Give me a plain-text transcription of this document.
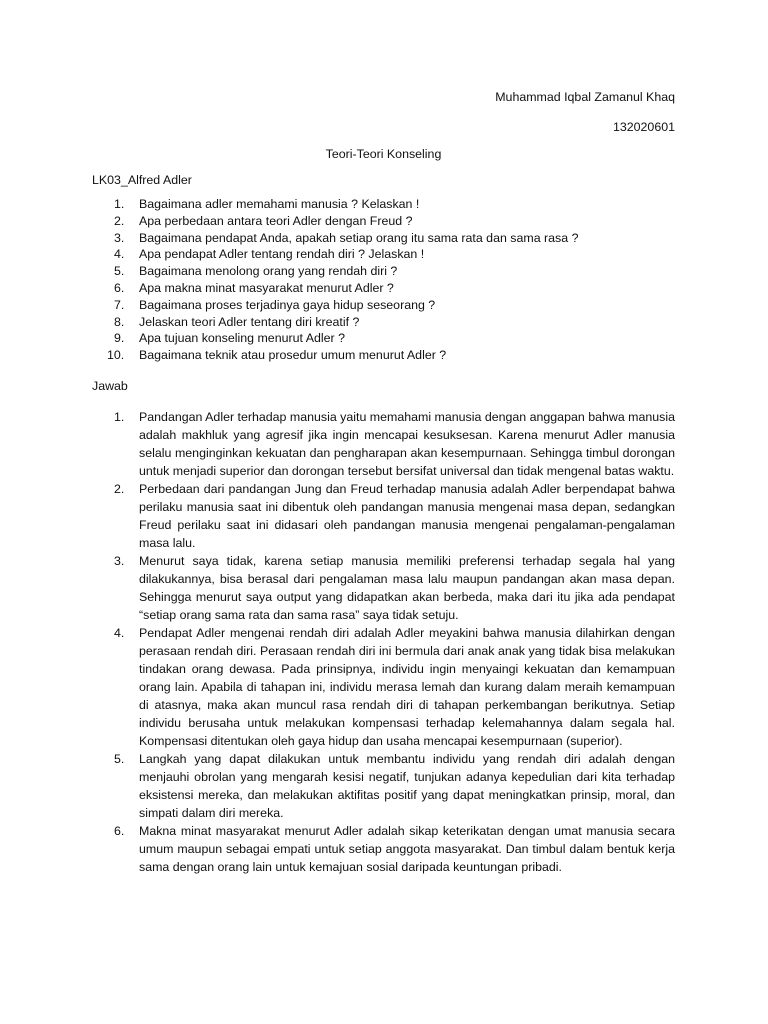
Muhammad Iqbal Zamanul Khaq
132020601
Teori-Teori Konseling
LK03_Alfred Adler
1.	Bagaimana adler memahami manusia ? Kelaskan !
2.	Apa perbedaan antara teori Adler dengan Freud ?
3.	Bagaimana pendapat Anda, apakah setiap orang itu sama rata dan sama rasa ?
4.	Apa pendapat Adler tentang rendah diri ? Jelaskan !
5.	Bagaimana menolong orang yang rendah diri ?
6.	Apa makna minat masyarakat menurut Adler ?
7.	Bagaimana proses terjadinya gaya hidup seseorang ?
8.	Jelaskan teori Adler tentang diri kreatif ?
9.	Apa tujuan konseling menurut Adler ?
10.	Bagaimana teknik atau prosedur umum menurut Adler ?
Jawab
1.	Pandangan Adler terhadap manusia yaitu memahami manusia dengan anggapan bahwa manusia adalah makhluk yang agresif jika ingin mencapai kesuksesan. Karena menurut Adler manusia selalu menginginkan kekuatan dan pengharapan akan kesempurnaan. Sehingga timbul dorongan untuk menjadi superior dan dorongan tersebut bersifat universal dan tidak mengenal batas waktu.
2.	Perbedaan dari pandangan Jung dan Freud terhadap manusia adalah Adler berpendapat bahwa perilaku manusia saat ini dibentuk oleh pandangan manusia mengenai masa depan, sedangkan Freud perilaku saat ini didasari oleh pandangan manusia mengenai pengalaman-pengalaman masa lalu.
3.	Menurut saya tidak, karena setiap manusia memiliki preferensi terhadap segala hal yang dilakukannya, bisa berasal dari pengalaman masa lalu maupun pandangan akan masa depan. Sehingga menurut saya output yang didapatkan akan berbeda, maka dari itu jika ada pendapat “setiap orang sama rata dan sama rasa” saya tidak setuju.
4.	Pendapat Adler mengenai rendah diri adalah Adler meyakini bahwa manusia dilahirkan dengan perasaan rendah diri. Perasaan rendah diri ini bermula dari anak anak yang tidak bisa melakukan tindakan orang dewasa. Pada prinsipnya, individu ingin menyaingi kekuatan dan kemampuan orang lain. Apabila di tahapan ini, individu merasa lemah dan kurang dalam meraih kemampuan di atasnya, maka akan muncul rasa rendah diri di tahapan perkembangan berikutnya. Setiap individu berusaha untuk melakukan kompensasi terhadap kelemahannya dalam segala hal. Kompensasi ditentukan oleh gaya hidup dan usaha mencapai kesempurnaan (superior).
5.	Langkah yang dapat dilakukan untuk membantu individu yang rendah diri adalah dengan menjauhi obrolan yang mengarah kesisi negatif, tunjukan adanya kepedulian dari kita terhadap eksistensi mereka, dan melakukan aktifitas positif yang dapat meningkatkan prinsip, moral, dan simpati dalam diri mereka.
6.	Makna minat masyarakat menurut Adler adalah sikap keterikatan dengan umat manusia secara umum maupun sebagai empati untuk setiap anggota masyarakat. Dan timbul dalam bentuk kerja sama dengan orang lain untuk kemajuan sosial daripada keuntungan pribadi.
